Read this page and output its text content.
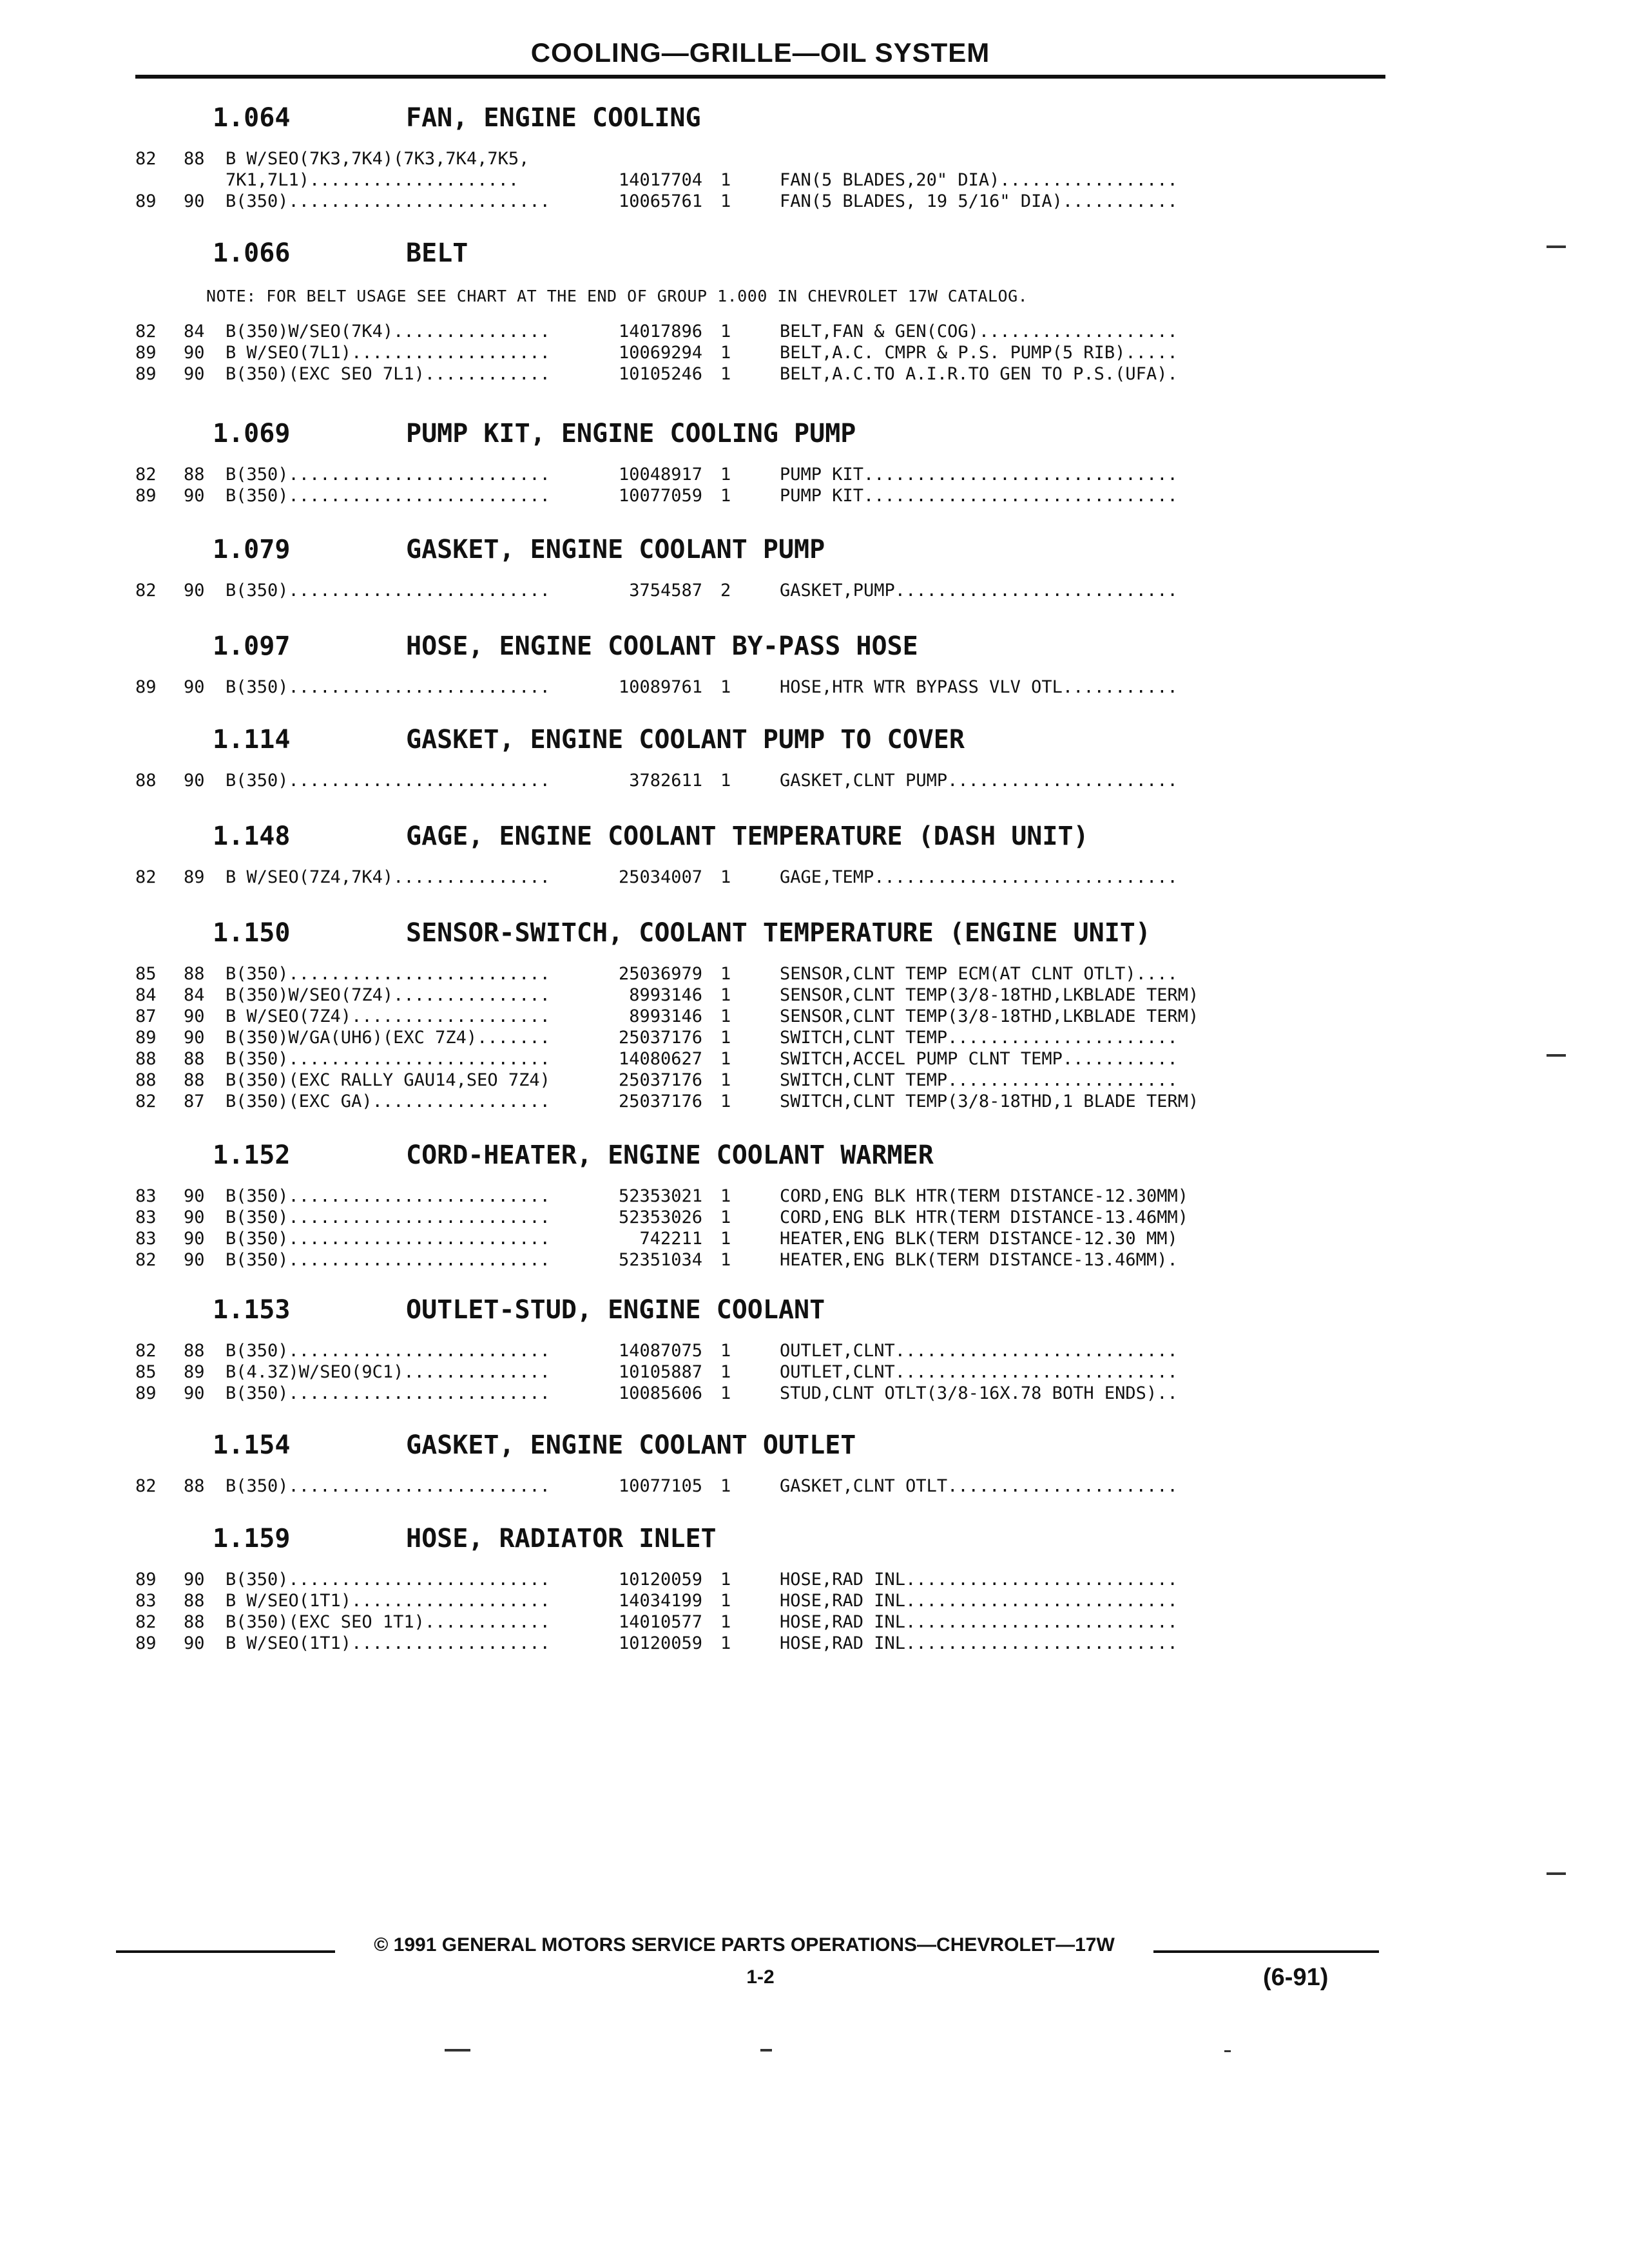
COOLING—GRILLE—OIL SYSTEM
1.064	FAN, ENGINE COOLING
82 88 B W/SEO(7K3,7K4)(7K3,7K4,7K5,
7K1,7L1)....................	14017704 1	FAN(5 BLADES,20" DIA).................
89 90 B(350).........................	10065761 1	FAN(5 BLADES, 19 5/16" DIA)...........
1.066	BELT
NOTE: FOR BELT USAGE SEE CHART AT THE END OF GROUP 1.000 IN CHEVROLET 17W CATALOG.
82 84 B(350)W/SEO(7K4)...............	14017896 1	BELT,FAN & GEN(COG)...................
89 90 B W/SEO(7L1)...................	10069294 1	BELT,A.C. CMPR & P.S. PUMP(5 RIB).....
89 90 B(350)(EXC SEO 7L1)............	10105246 1	BELT,A.C.TO A.I.R.TO GEN TO P.S.(UFA).
1.069	PUMP KIT, ENGINE COOLING PUMP
82 88 B(350).........................	10048917 1	PUMP KIT..............................
89 90 B(350).........................	10077059 1	PUMP KIT..............................
1.079	GASKET, ENGINE COOLANT PUMP
82 90 B(350).........................	3754587 2	GASKET,PUMP...........................
1.097	HOSE, ENGINE COOLANT BY-PASS HOSE
89 90 B(350).........................	10089761 1	HOSE,HTR WTR BYPASS VLV OTL...........
1.114	GASKET, ENGINE COOLANT PUMP TO COVER
88 90 B(350).........................	3782611 1	GASKET,CLNT PUMP......................
1.148	GAGE, ENGINE COOLANT TEMPERATURE (DASH UNIT)
82 89 B W/SEO(7Z4,7K4)...............	25034007 1	GAGE,TEMP.............................
1.150	SENSOR-SWITCH, COOLANT TEMPERATURE (ENGINE UNIT)
85 88 B(350).........................	25036979 1	SENSOR,CLNT TEMP ECM(AT CLNT OTLT)....
84 84 B(350)W/SEO(7Z4)...............	8993146 1	SENSOR,CLNT TEMP(3/8-18THD,LKBLADE TERM)
87 90 B W/SEO(7Z4)...................	8993146 1	SENSOR,CLNT TEMP(3/8-18THD,LKBLADE TERM)
89 90 B(350)W/GA(UH6)(EXC 7Z4).......	25037176 1	SWITCH,CLNT TEMP......................
88 88 B(350).........................	14080627 1	SWITCH,ACCEL PUMP CLNT TEMP...........
88 88 B(350)(EXC RALLY GAU14,SEO 7Z4)	25037176 1	SWITCH,CLNT TEMP......................
82 87 B(350)(EXC GA).................	25037176 1	SWITCH,CLNT TEMP(3/8-18THD,1 BLADE TERM)
1.152	CORD-HEATER, ENGINE COOLANT WARMER
83 90 B(350).........................	52353021 1	CORD,ENG BLK HTR(TERM DISTANCE-12.30MM)
83 90 B(350).........................	52353026 1	CORD,ENG BLK HTR(TERM DISTANCE-13.46MM)
83 90 B(350).........................	742211 1	HEATER,ENG BLK(TERM DISTANCE-12.30 MM)
82 90 B(350).........................	52351034 1	HEATER,ENG BLK(TERM DISTANCE-13.46MM).
1.153	OUTLET-STUD, ENGINE COOLANT
82 88 B(350).........................	14087075 1	OUTLET,CLNT...........................
85 89 B(4.3Z)W/SEO(9C1)..............	10105887 1	OUTLET,CLNT...........................
89 90 B(350).........................	10085606 1	STUD,CLNT OTLT(3/8-16X.78 BOTH ENDS)..
1.154	GASKET, ENGINE COOLANT OUTLET
82 88 B(350).........................	10077105 1	GASKET,CLNT OTLT......................
1.159	HOSE, RADIATOR INLET
89 90 B(350).........................	10120059 1	HOSE,RAD INL..........................
83 88 B W/SEO(1T1)...................	14034199 1	HOSE,RAD INL..........................
82 88 B(350)(EXC SEO 1T1)............	14010577 1	HOSE,RAD INL..........................
89 90 B W/SEO(1T1)...................	10120059 1	HOSE,RAD INL..........................
© 1991 GENERAL MOTORS SERVICE PARTS OPERATIONS—CHEVROLET—17W
1-2	(6-91)
